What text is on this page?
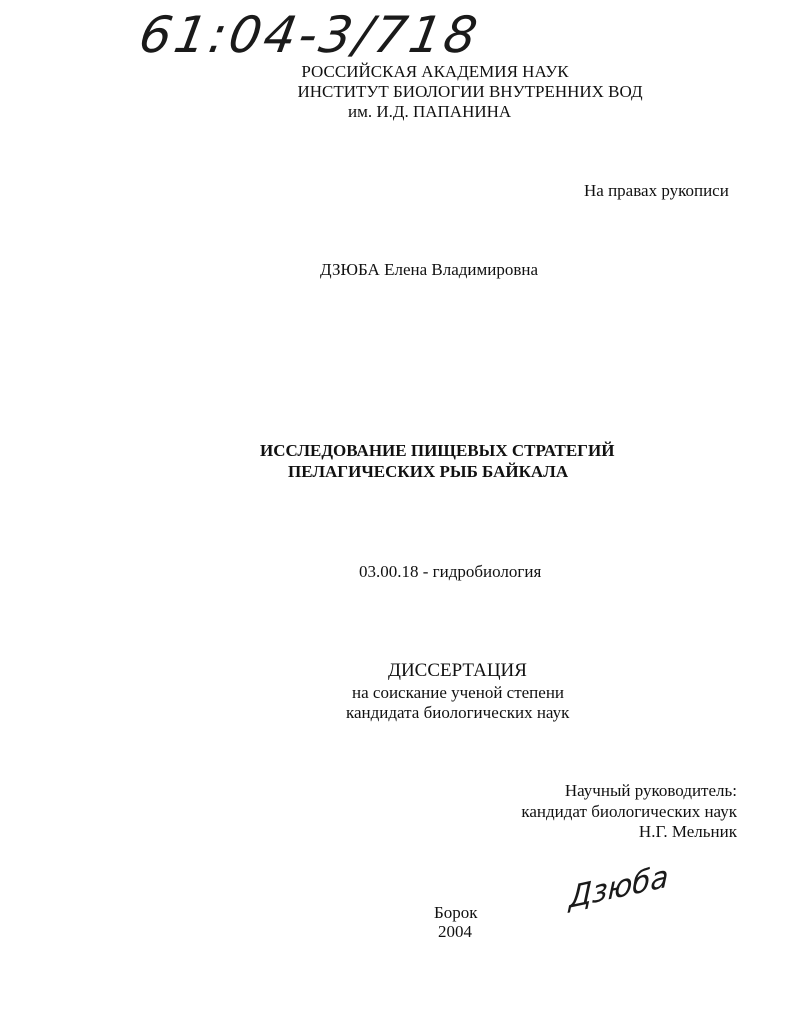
61:04-3/718

РОССИЙСКАЯ АКАДЕМИЯ НАУК

ИНСТИТУТ БИОЛОГИИ ВНУТРЕННИХ ВОД

им. И.Д. ПАПАНИНА

На правах рукописи

ДЗЮБА Елена Владимировна

ИССЛЕДОВАНИЕ ПИЩЕВЫХ СТРАТЕГИЙ

ПЕЛАГИЧЕСКИХ РЫБ БАЙКАЛА

03.00.18 - гидробиология

ДИССЕРТАЦИЯ

на соискание ученой степени

кандидата биологических наук

Научный руководитель:

кандидат биологических наук

Н.Г. Мельник

Дзюба

Борок

2004
